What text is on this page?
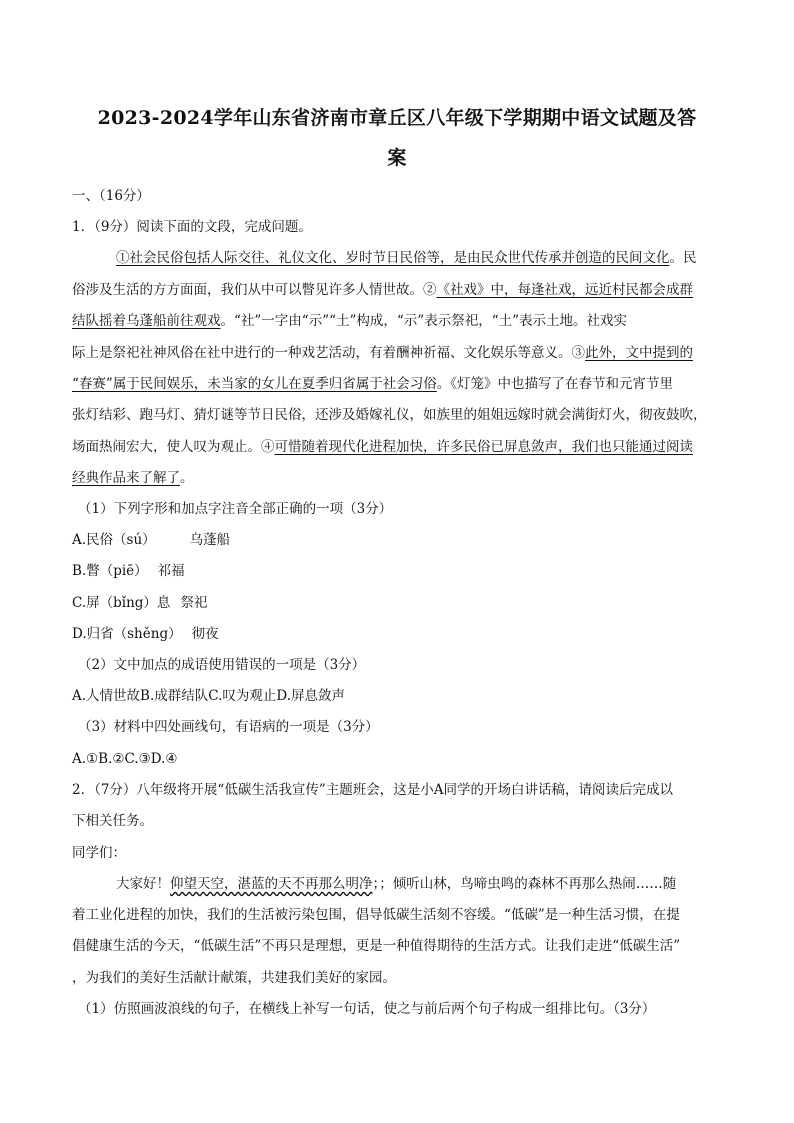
2023-2024学年山东省济南市章丘区八年级下学期期中语文试题及答
案
一、（16分）
1．（9分）阅读下面的文段，完成问题。
①社会民俗包括人际交往、礼仪文化、岁时节日民俗等，是由民众世代传承并创造的民间文化。民
俗涉及生活的方方面面，我们从中可以瞥见许多人情世故。②《社戏》中，每逢社戏，远近村民都会成群
结队摇着乌蓬船前往观戏。“社”一字由“示”“土”构成，“示”表示祭祀，“土”表示土地。社戏实
际上是祭祀社神风俗在社中进行的一种戏艺活动，有着酬神祈福、文化娱乐等意义。③此外，文中提到的
“春赛”属于民间娱乐，未当家的女儿在夏季归省属于社会习俗。《灯笼》中也描写了在春节和元宵节里
张灯结彩、跑马灯、猜灯谜等节日民俗，还涉及婚嫁礼仪，如族里的姐姐远嫁时就会满街灯火，彻夜鼓吹，
场面热闹宏大，使人叹为观止。④可惜随着现代化进程加快，许多民俗已屏息敛声，我们也只能通过阅读
经典作品来了解了。
（1）下列字形和加点字注音全部正确的一项（3分）
A.民俗（sú）	乌蓬船
B.瞥（piē） 祁福
C.屏（bǐng）息 祭祀
D.归省（shěng） 彻夜
（2）文中加点的成语使用错误的一项是（3分）
A.人情世故B.成群结队C.叹为观止D.屏息敛声
（3）材料中四处画线句，有语病的一项是（3分）
A.①B.②C.③D.④
2．（7分）八年级将开展“低碳生活我宣传”主题班会，这是小A同学的开场白讲话稿，请阅读后完成以
下相关任务。
同学们：
大家好！仰望天空，湛蓝的天不再那么明净；；倾听山林，鸟啼虫鸣的森林不再那么热闹……随
着工业化进程的加快，我们的生活被污染包围，倡导低碳生活刻不容缓。“低碳”是一种生活习惯，在提
倡健康生活的今天，“低碳生活”不再只是理想，更是一种值得期待的生活方式。让我们走进“低碳生活”
，为我们的美好生活献计献策，共建我们美好的家园。
（1）仿照画波浪线的句子，在横线上补写一句话，使之与前后两个句子构成一组排比句。（3分）
